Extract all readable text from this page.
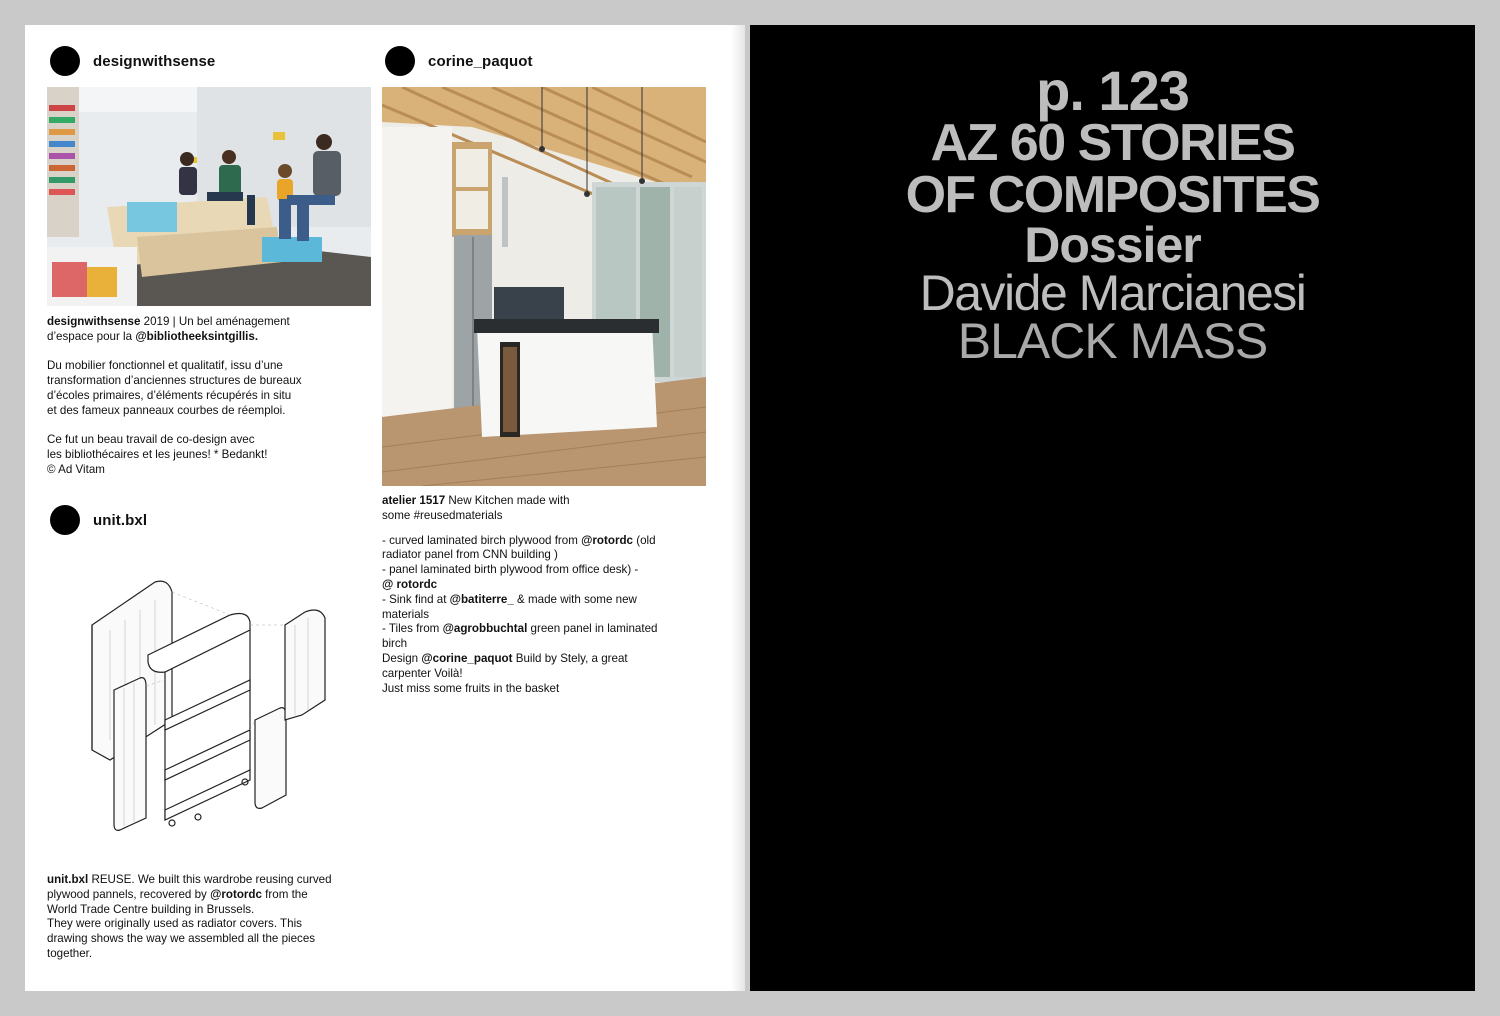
designwithsense

designwithsense 2019 | Un bel aménagement
d’espace pour la @bibliotheeksintgillis.

Du mobilier fonctionnel et qualitatif, issu d’une
transformation d’anciennes structures de bureaux
d’écoles primaires, d’éléments récupérés in situ
et des fameux panneaux courbes de réemploi.

Ce fut un beau travail de co-design avec
les bibliothécaires et les jeunes! * Bedankt!
© Ad Vitam

corine_paquot
atelier 1517 New Kitchen made with
some #reusedmaterials
- curved laminated birch plywood from @rotordc (old
radiator panel from CNN building )
- panel laminated birth plywood from office desk) -
@ rotordc
- Sink find at @batiterre_ & made with some new
materials
- Tiles from @agrobbuchtal green panel in laminated
birch
Design @corine_paquot Build by Stely, a great
carpenter Voilà!
Just miss some fruits in the basket
unit.bxl
unit.bxl REUSE. We built this wardrobe reusing curved
plywood pannels, recovered by @rotordc from the
World Trade Centre building in Brussels.
They were originally used as radiator covers. This
drawing shows the way we assembled all the pieces
together.
p. 123
AZ 60 STORIES
OF COMPOSITES
Dossier
Davide Marcianesi
BLACK MASS
